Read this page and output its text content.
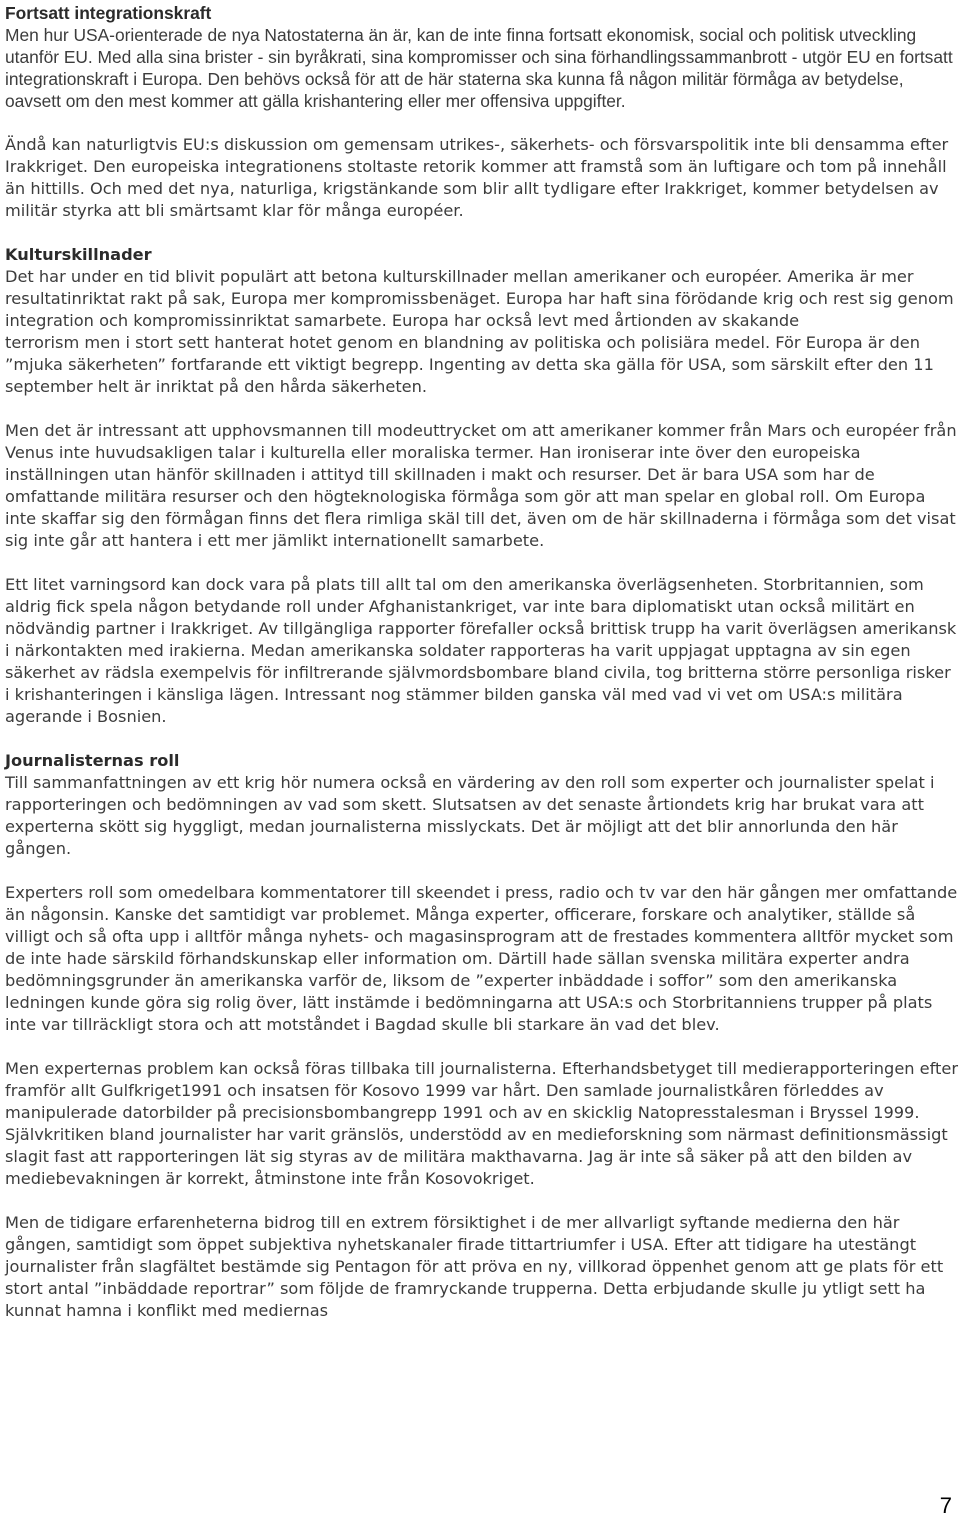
Fortsatt integrationskraft
Men hur USA-orienterade de nya Natostaterna än är, kan de inte finna fortsatt ekonomisk, social och politisk utveckling utanför EU. Med alla sina brister - sin byråkrati, sina kompromisser och sina förhandlingssammanbrott - utgör EU en fortsatt integrationskraft i Europa. Den behövs också för att de här staterna ska kunna få någon militär förmåga av betydelse, oavsett om den mest kommer att gälla krishantering eller mer offensiva uppgifter.

Ändå kan naturligtvis EU:s diskussion om gemensam utrikes-, säkerhets- och försvarspolitik inte bli densamma efter Irakkriget. Den europeiska integrationens stoltaste retorik kommer att framstå som än luftigare och tom på innehåll än hittills. Och med det nya, naturliga, krigstänkande som blir allt tydligare efter Irakkriget, kommer betydelsen av militär styrka att bli smärtsamt klar för många européer.

Kulturskillnader
Det har under en tid blivit populärt att betona kulturskillnader mellan amerikaner och européer. Amerika är mer resultatinriktat rakt på sak, Europa mer kompromissbenäget. Europa har haft sina förödande krig och rest sig genom integration och kompromissinriktat samarbete. Europa har också levt med årtionden av skakande

terrorism men i stort sett hanterat hotet genom en blandning av politiska och polisiära medel. För Europa är den ”mjuka säkerheten” fortfarande ett viktigt begrepp. Ingenting av detta ska gälla för USA, som särskilt efter den 11 september helt är inriktat på den hårda säkerheten.

Men det är intressant att upphovsmannen till modeuttrycket om att amerikaner kommer från Mars och européer från Venus inte huvudsakligen talar i kulturella eller moraliska termer. Han ironiserar inte över den europeiska inställningen utan hänför skillnaden i attityd till skillnaden i makt och resurser. Det är bara USA som har de omfattande militära resurser och den högteknologiska förmåga som gör att man spelar en global roll. Om Europa inte skaffar sig den förmågan finns det flera rimliga skäl till det, även om de här skillnaderna i förmåga som det visat sig inte går att hantera i ett mer jämlikt internationellt samarbete.

Ett litet varningsord kan dock vara på plats till allt tal om den amerikanska överlägsenheten. Storbritannien, som aldrig fick spela någon betydande roll under Afghanistankriget, var inte bara diplomatiskt utan också militärt en nödvändig partner i Irakkriget. Av tillgängliga rapporter förefaller också brittisk trupp ha varit överlägsen amerikansk i närkontakten med irakierna. Medan amerikanska soldater rapporteras ha varit uppjagat upptagna av sin egen säkerhet av rädsla exempelvis för infiltrerande självmordsbombare bland civila, tog britterna större personliga risker i krishanteringen i känsliga lägen. Intressant nog stämmer bilden ganska väl med vad vi vet om USA:s militära agerande i Bosnien.

Journalisternas roll
Till sammanfattningen av ett krig hör numera också en värdering av den roll som experter och journalister spelat i rapporteringen och bedömningen av vad som skett. Slutsatsen av det senaste årtiondets krig har brukat vara att experterna skött sig hyggligt, medan journalisterna misslyckats. Det är möjligt att det blir annorlunda den här gången.

Experters roll som omedelbara kommentatorer till skeendet i press, radio och tv var den här gången mer omfattande än någonsin. Kanske det samtidigt var problemet. Många experter, officerare, forskare och analytiker, ställde så villigt och så ofta upp i alltför många nyhets- och magasinsprogram att de frestades kommentera alltför mycket som de inte hade särskild förhandskunskap eller information om. Därtill hade sällan svenska militära experter andra bedömningsgrunder än amerikanska varför de, liksom de ”experter inbäddade i soffor” som den amerikanska ledningen kunde göra sig rolig över, lätt instämde i bedömningarna att USA:s och Storbritanniens trupper på plats inte var tillräckligt stora och att motståndet i Bagdad skulle bli starkare än vad det blev.

Men experternas problem kan också föras tillbaka till journalisterna. Efterhandsbetyget till medierapporteringen efter framför allt Gulfkriget1991 och insatsen för Kosovo 1999 var hårt. Den samlade journalistkåren förleddes av manipulerade datorbilder på precisionsbombangrepp 1991 och av en skicklig Natopresstalesman i Bryssel 1999. Självkritiken bland journalister har varit gränslös, understödd av en medieforskning som närmast definitionsmässigt slagit fast att rapporteringen lät sig styras av de militära makthavarna. Jag är inte så säker på att den bilden av mediebevakningen är korrekt, åtminstone inte från Kosovokriget.

Men de tidigare erfarenheterna bidrog till en extrem försiktighet i de mer allvarligt syftande medierna den här gången, samtidigt som öppet subjektiva nyhetskanaler firade tittartriumfer i USA. Efter att tidigare ha utestängt journalister från slagfältet bestämde sig Pentagon för att pröva en ny, villkorad öppenhet genom att ge plats för ett stort antal ”inbäddade reportrar” som följde de framryckande trupperna. Detta erbjudande skulle ju ytligt sett ha kunnat hamna i konflikt med mediernas

7
